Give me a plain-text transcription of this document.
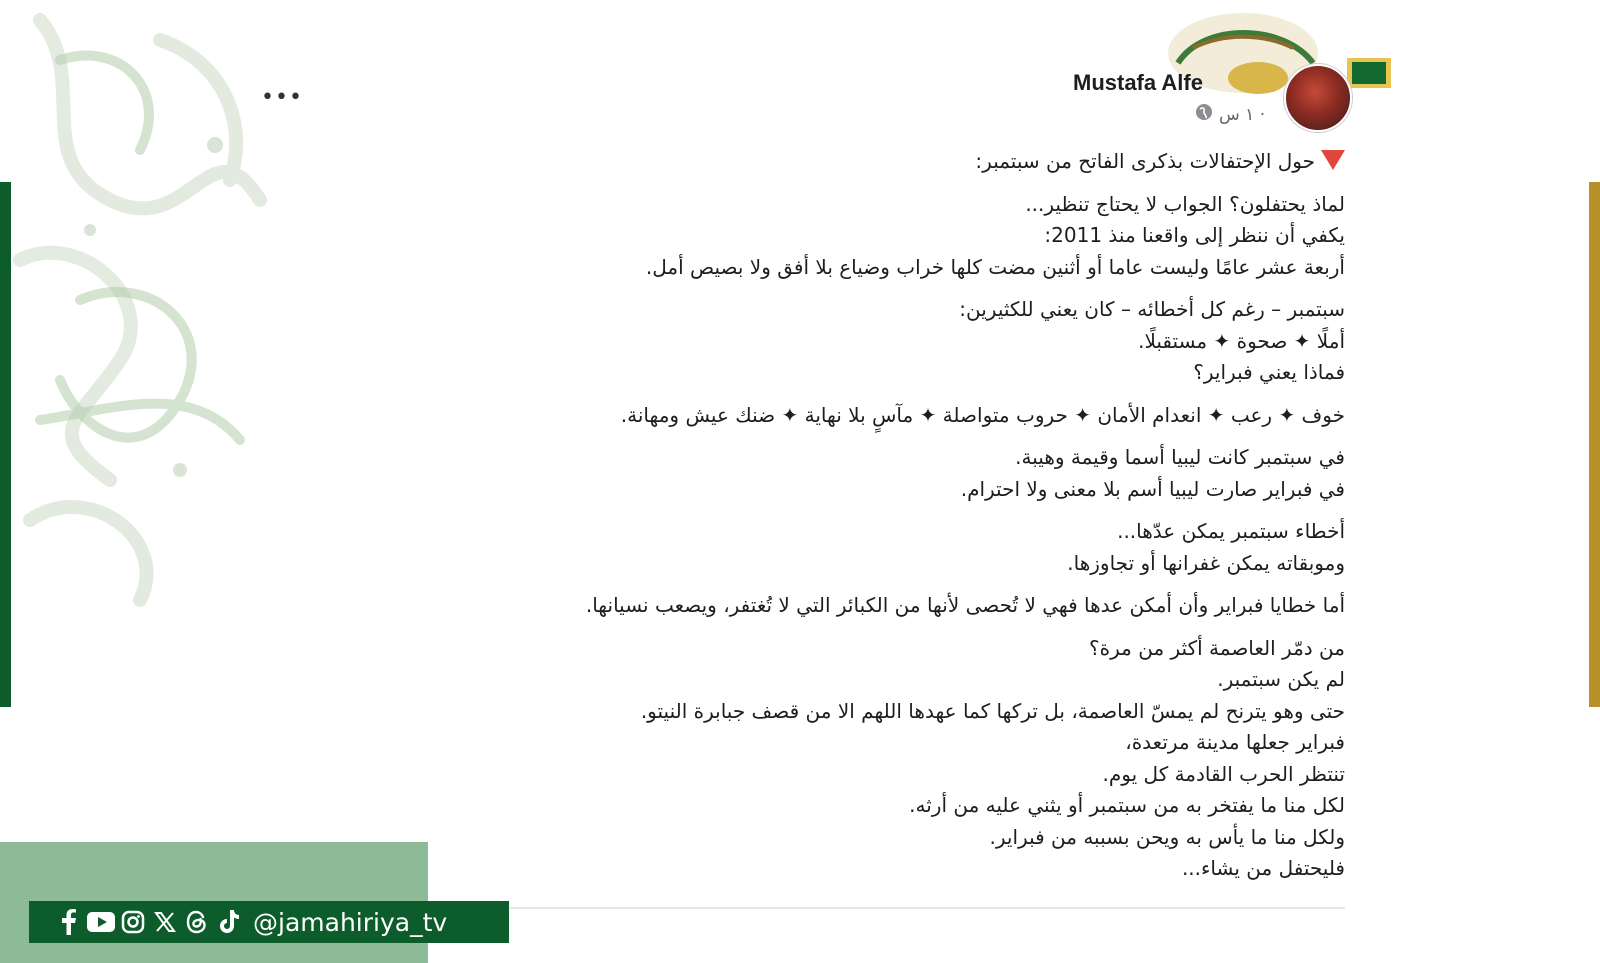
•••
Mustafa Alfe
١ س ·

حول الإحتفالات بذكرى الفاتح من سبتمبر:

لماذ يحتفلون؟ الجواب لا يحتاج تنظير...
يكفي أن ننظر إلى واقعنا منذ 2011:
أربعة عشر عامًا وليست عاما أو أثنين مضت كلها خراب وضياع بلا أفق ولا بصيص أمل.

سبتمبر – رغم كل أخطائه – كان يعني للكثيرين:
أملًا ✦ صحوة ✦ مستقبلًا.
فماذا يعني فبراير؟

خوف ✦ رعب ✦ انعدام الأمان ✦ حروب متواصلة ✦ مآسٍ بلا نهاية ✦ ضنك عيش ومهانة.

في سبتمبر كانت ليبيا أسما وقيمة وهيبة.
في فبراير صارت ليبيا أسم بلا معنى ولا احترام.

أخطاء سبتمبر يمكن عدّها...
وموبقاته يمكن غفرانها أو تجاوزها.

أما خطايا فبراير وأن أمكن عدها فهي لا تُحصى لأنها من الكبائر التي لا تُغتفر، ويصعب نسيانها.

من دمّر العاصمة أكثر من مرة؟
لم يكن سبتمبر.
حتى وهو يترنح لم يمسّ العاصمة، بل تركها كما عهدها اللهم الا من قصف جبابرة النيتو.
فبراير جعلها مدينة مرتعدة،
تنتظر الحرب القادمة كل يوم.
لكل منا ما يفتخر به من سبتمبر أو يثني عليه من أرثه.
ولكل منا ما يأس به ويحن بسببه من فبراير.
فليحتفل من يشاء...

@jamahiriya_tv
